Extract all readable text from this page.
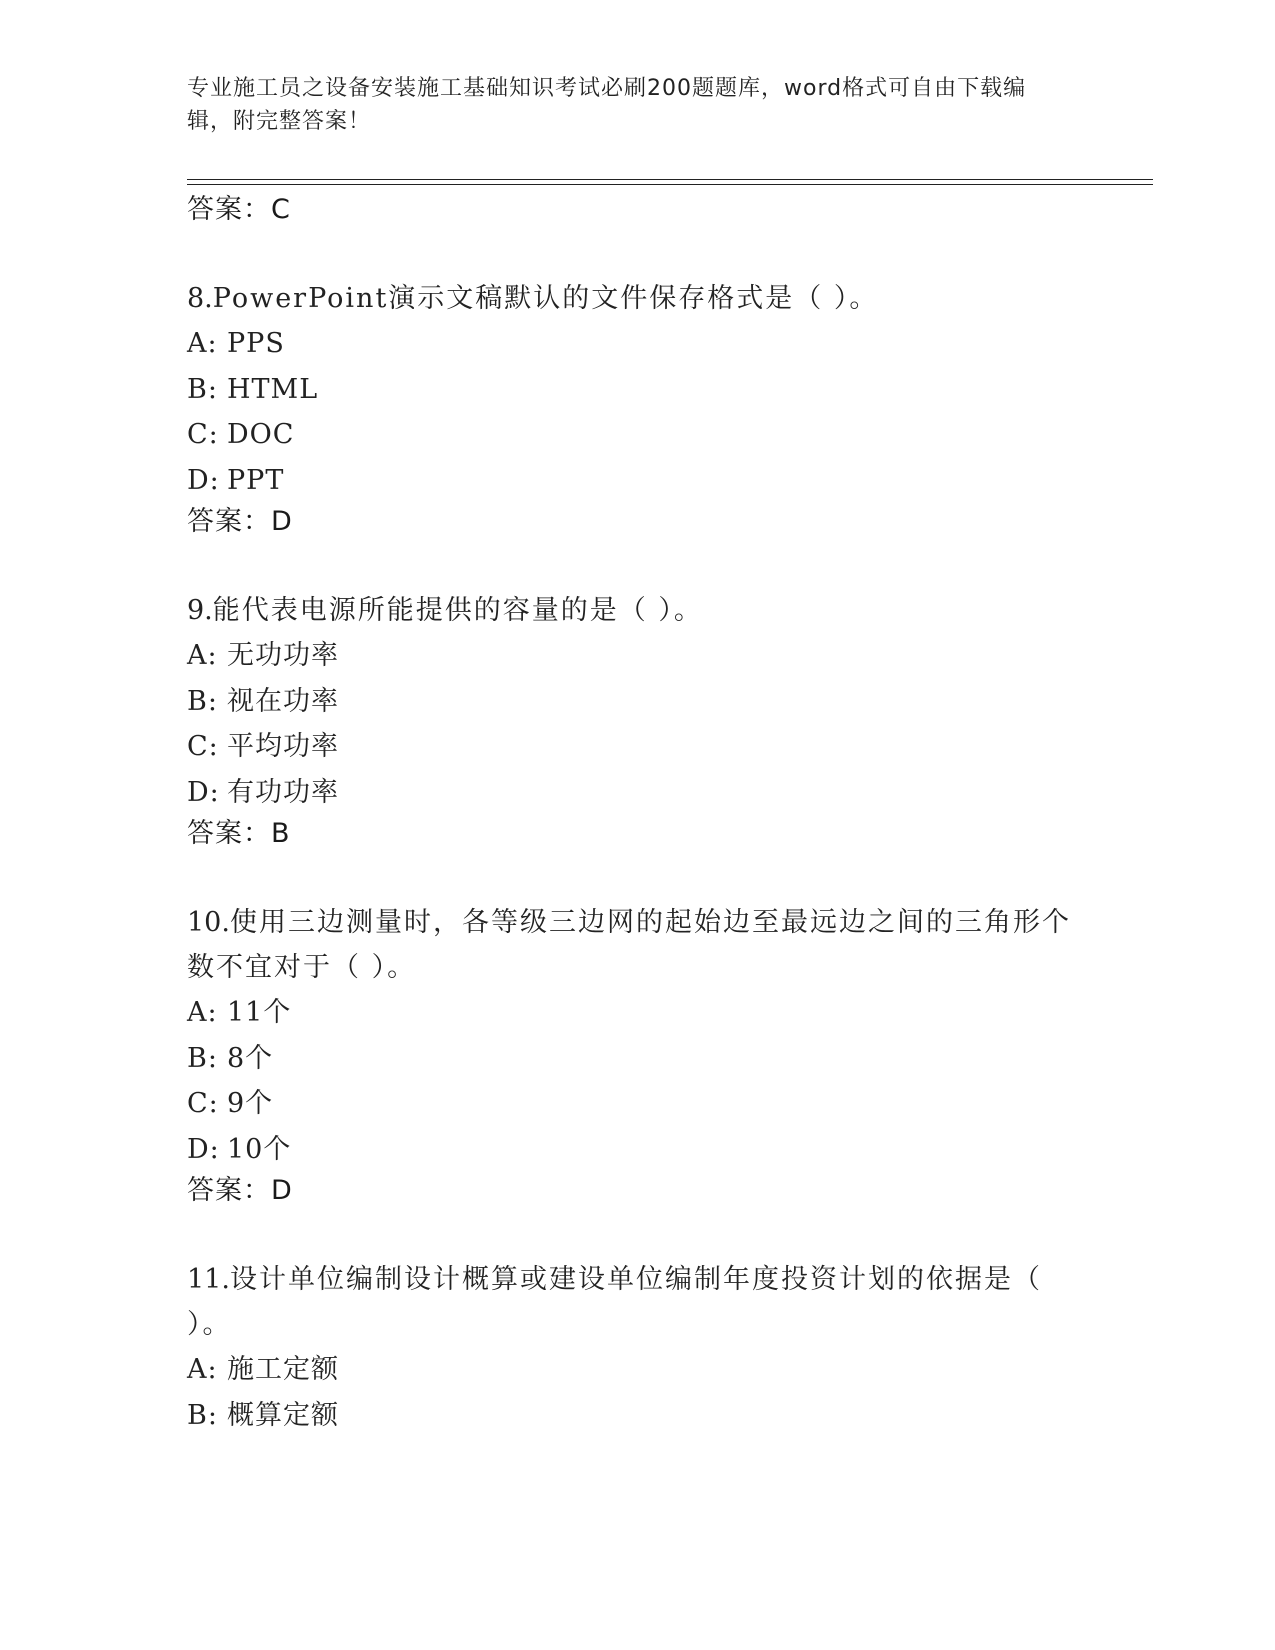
专业施工员之设备安装施工基础知识考试必刷200题题库，word格式可自由下载编辑，附完整答案！
答案：C
8.PowerPoint演示文稿默认的文件保存格式是（ ）。
A: PPS
B: HTML
C: DOC
D: PPT
答案：D
9.能代表电源所能提供的容量的是（ ）。
A: 无功功率
B: 视在功率
C: 平均功率
D: 有功功率
答案：B
10.使用三边测量时，各等级三边网的起始边至最远边之间的三角形个数不宜对于（ ）。
A: 11个
B: 8个
C: 9个
D: 10个
答案：D
11.设计单位编制设计概算或建设单位编制年度投资计划的依据是（ ）。
A: 施工定额
B: 概算定额
